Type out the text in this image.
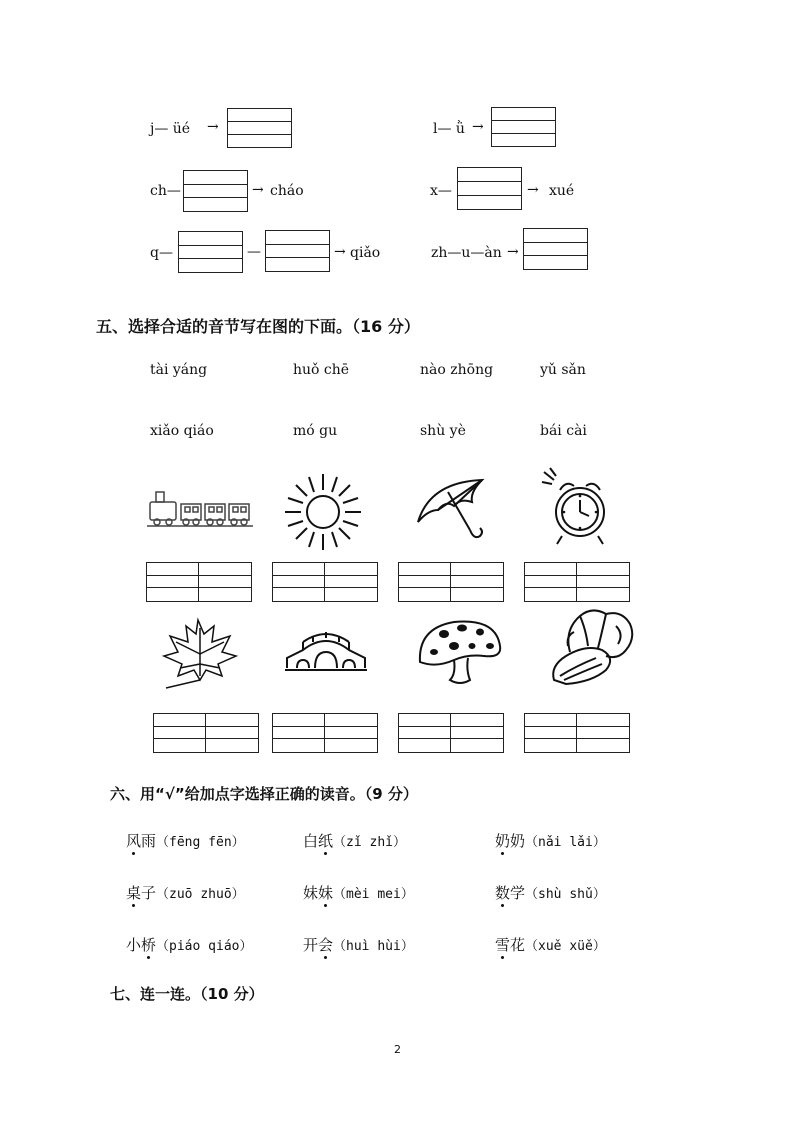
j— üé →	l— ǜ →
ch—	→ cháo	x—	→ xué
q—	—	→ qiǎo	zh—u—àn →
五、选择合适的音节写在图的下面。（16 分）
tài yáng	huǒ chē	nào zhōng	yǔ sǎn
xiǎo qiáo	mó gu	shù yè	bái cài
六、用“√”给加点字选择正确的读音。（9 分）
风雨（fēng fēn）	白纸（zǐ zhǐ）	奶奶（nǎi lǎi）
桌子（zuō zhuō）	妹妹（mèi mei）	数学（shù shǔ）
小桥（piáo qiáo）	开会（huì hùi）	雪花（xuě xüě）
七、连一连。（10 分）
2
